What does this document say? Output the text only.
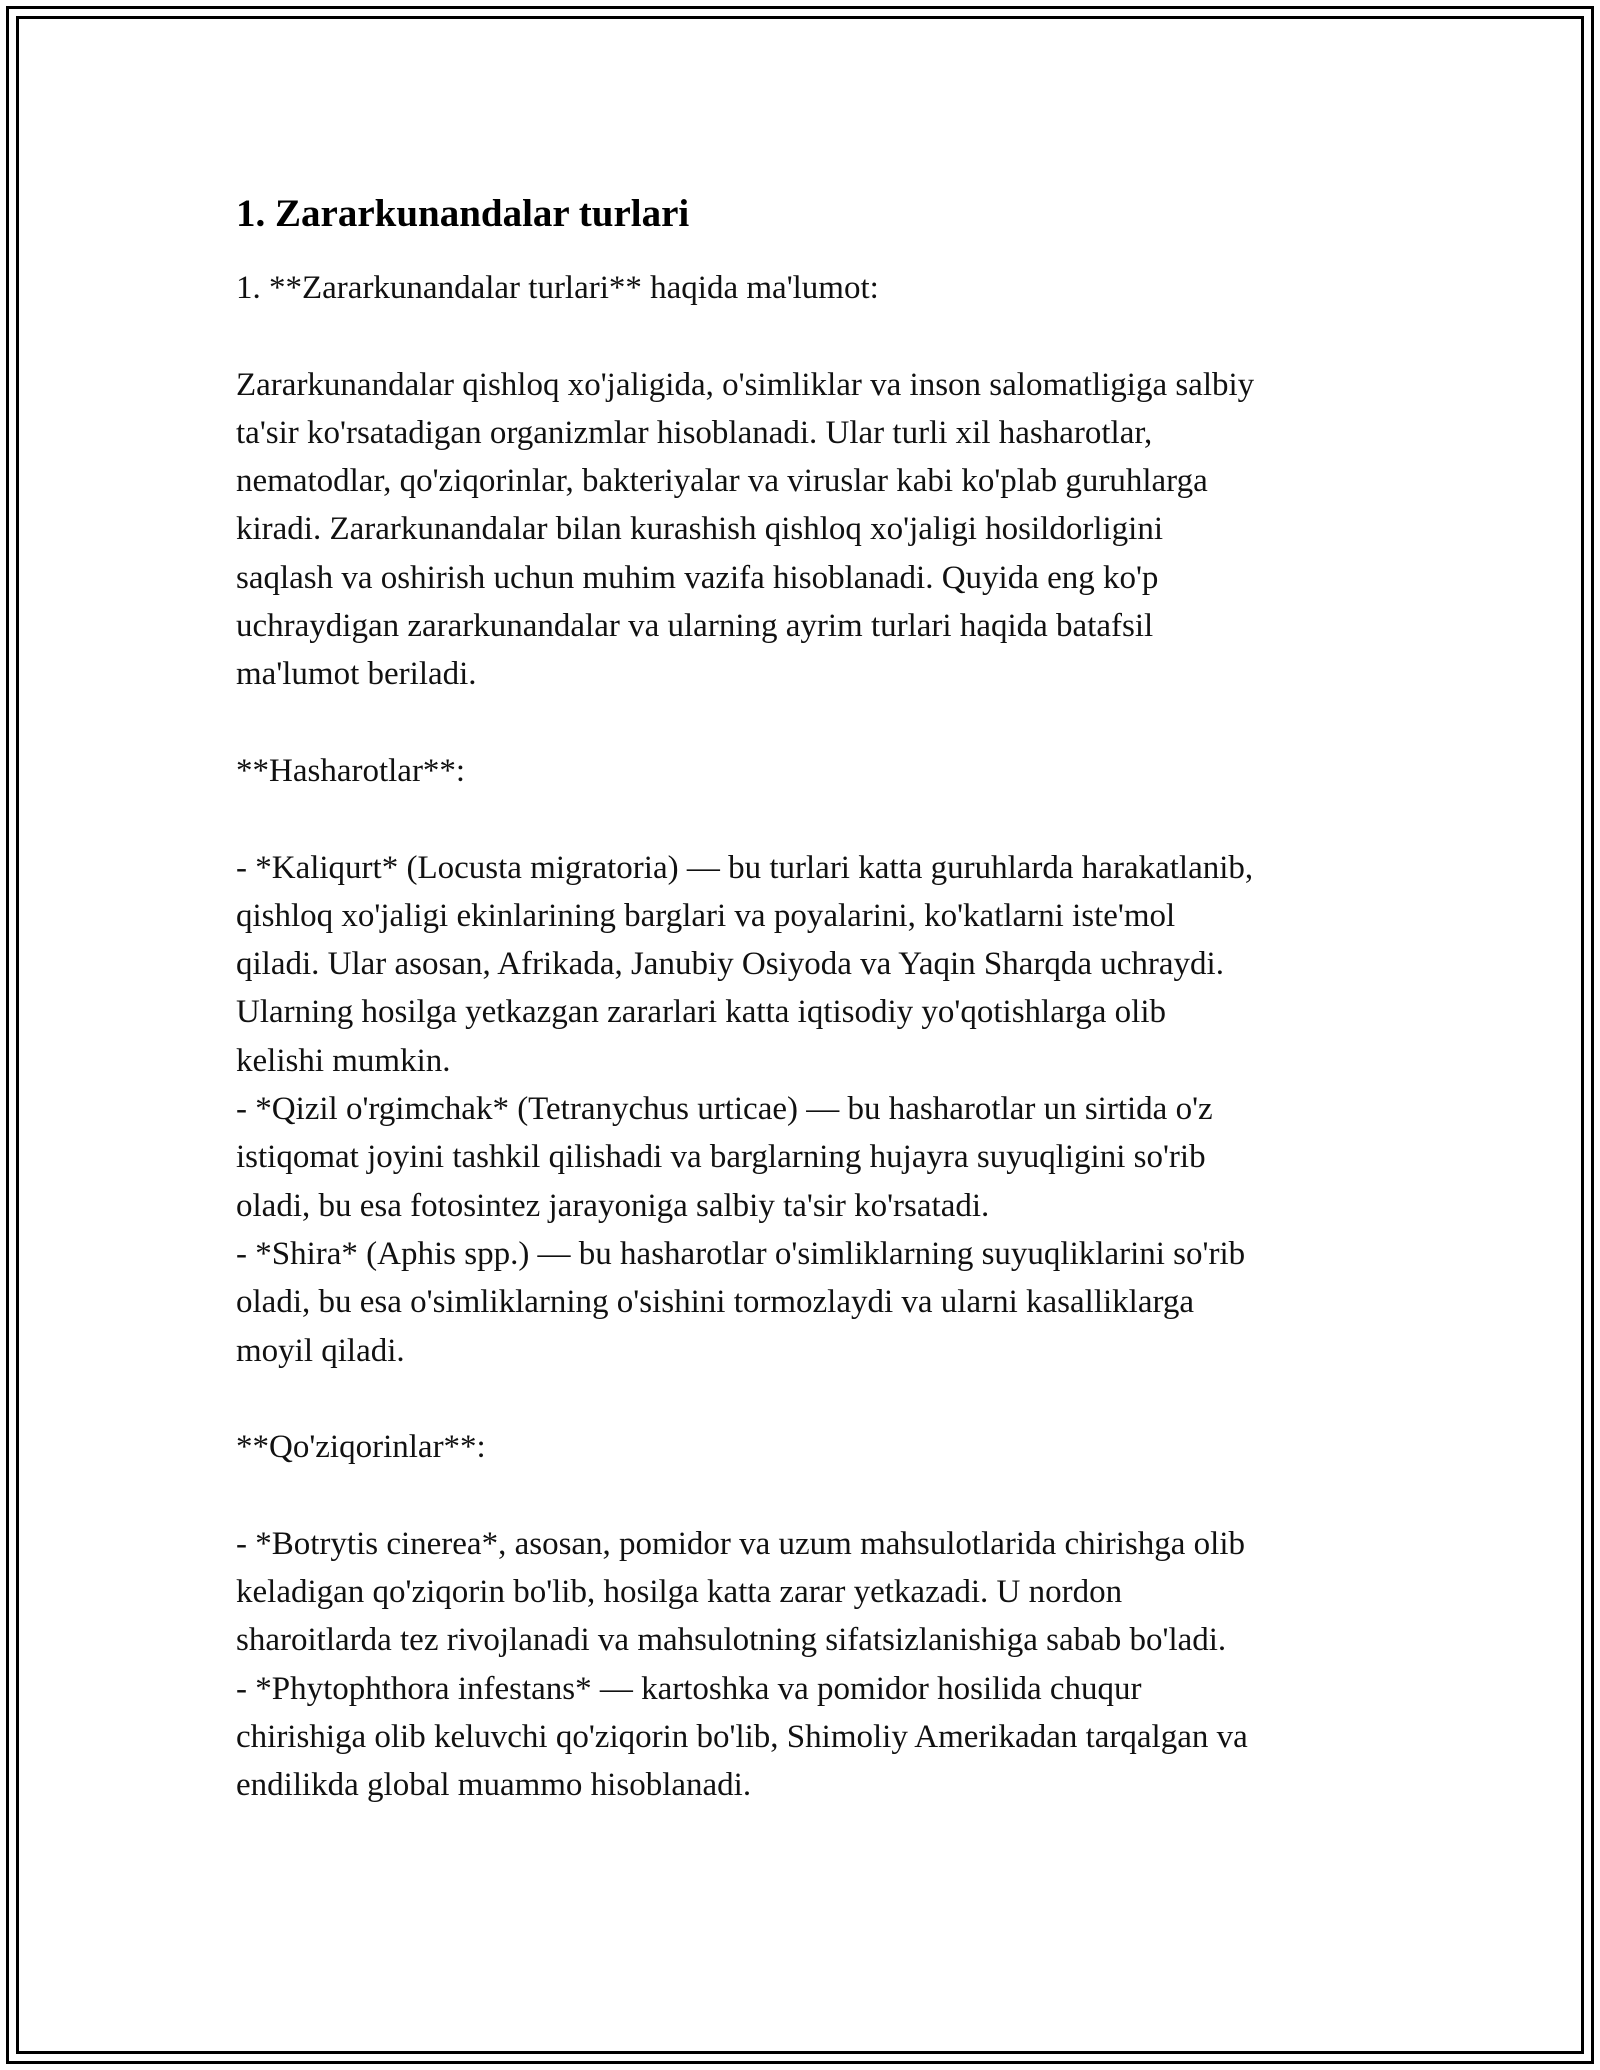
1. Zararkunandalar turlari

1. **Zararkunandalar turlari** haqida ma'lumot:

Zararkunandalar qishloq xo'jaligida, o'simliklar va inson salomatligiga salbiy
ta'sir ko'rsatadigan organizmlar hisoblanadi. Ular turli xil hasharotlar,
nematodlar, qo'ziqorinlar, bakteriyalar va viruslar kabi ko'plab guruhlarga
kiradi. Zararkunandalar bilan kurashish qishloq xo'jaligi hosildorligini
saqlash va oshirish uchun muhim vazifa hisoblanadi. Quyida eng ko'p
uchraydigan zararkunandalar va ularning ayrim turlari haqida batafsil
ma'lumot beriladi.

**Hasharotlar**:

- *Kaliqurt* (Locusta migratoria) — bu turlari katta guruhlarda harakatlanib,
qishloq xo'jaligi ekinlarining barglari va poyalarini, ko'katlarni iste'mol
qiladi. Ular asosan, Afrikada, Janubiy Osiyoda va Yaqin Sharqda uchraydi.
Ularning hosilga yetkazgan zararlari katta iqtisodiy yo'qotishlarga olib
kelishi mumkin.
- *Qizil o'rgimchak* (Tetranychus urticae) — bu hasharotlar un sirtida o'z
istiqomat joyini tashkil qilishadi va barglarning hujayra suyuqligini so'rib
oladi, bu esa fotosintez jarayoniga salbiy ta'sir ko'rsatadi.
- *Shira* (Aphis spp.) — bu hasharotlar o'simliklarning suyuqliklarini so'rib
oladi, bu esa o'simliklarning o'sishini tormozlaydi va ularni kasalliklarga
moyil qiladi.

**Qo'ziqorinlar**:

- *Botrytis cinerea*, asosan, pomidor va uzum mahsulotlarida chirishga olib
keladigan qo'ziqorin bo'lib, hosilga katta zarar yetkazadi. U nordon
sharoitlarda tez rivojlanadi va mahsulotning sifatsizlanishiga sabab bo'ladi.
- *Phytophthora infestans* — kartoshka va pomidor hosilida chuqur
chirishiga olib keluvchi qo'ziqorin bo'lib, Shimoliy Amerikadan tarqalgan va
endilikda global muammo hisoblanadi.
